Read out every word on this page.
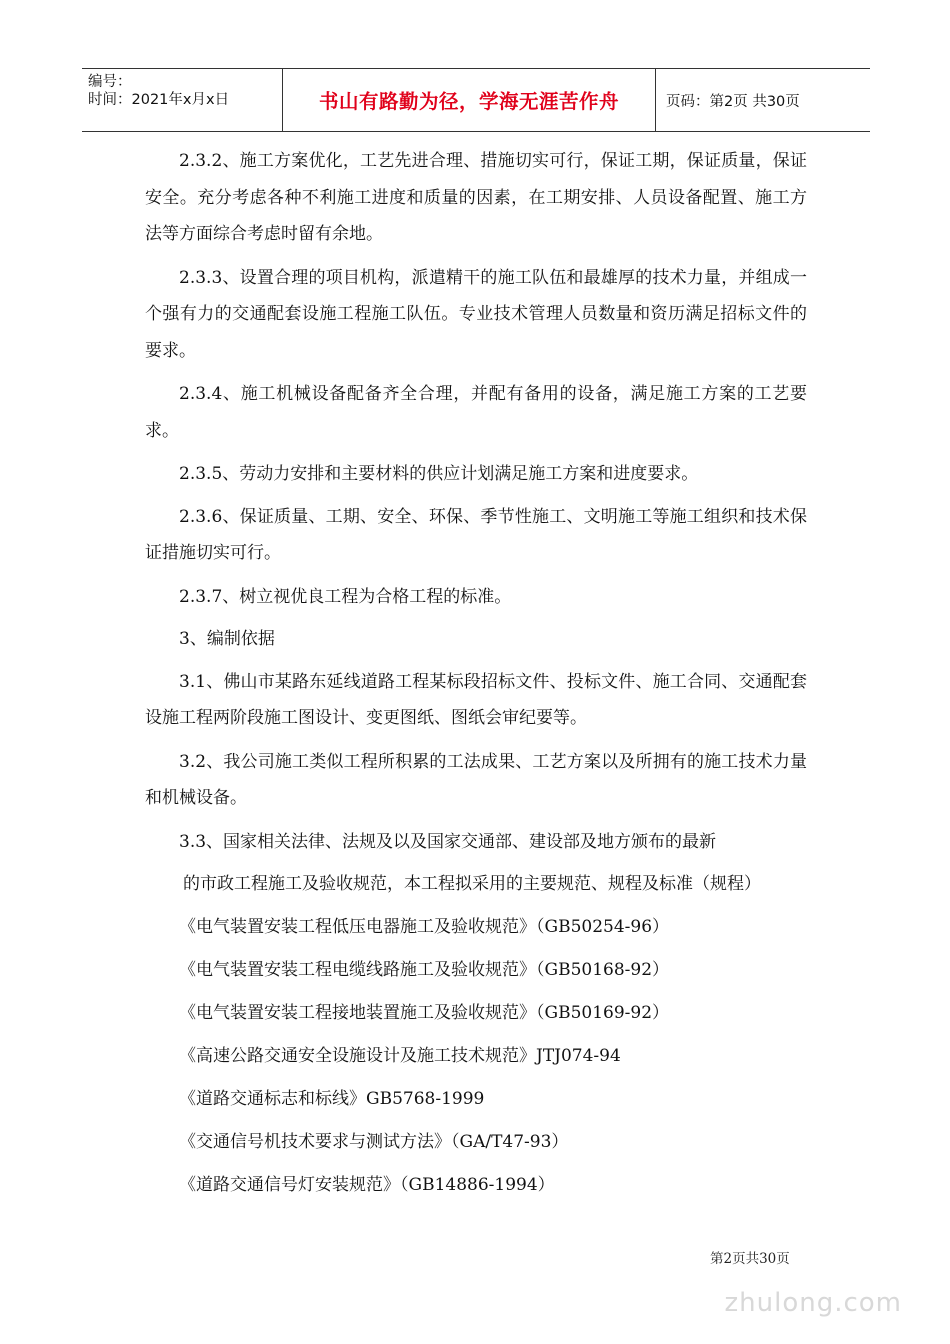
编号：
时间：2021年x月x日	书山有路勤为径，学海无涯苦作舟	页码：第2页 共30页

2.3.2、施工方案优化，工艺先进合理、措施切实可行，保证工期，保证质量，保证安全。充分考虑各种不利施工进度和质量的因素，在工期安排、人员设备配置、施工方法等方面综合考虑时留有余地。

2.3.3、设置合理的项目机构，派遣精干的施工队伍和最雄厚的技术力量，并组成一个强有力的交通配套设施工程施工队伍。专业技术管理人员数量和资历满足招标文件的要求。

2.3.4、施工机械设备配备齐全合理，并配有备用的设备，满足施工方案的工艺要求。

2.3.5、劳动力安排和主要材料的供应计划满足施工方案和进度要求。

2.3.6、保证质量、工期、安全、环保、季节性施工、文明施工等施工组织和技术保证措施切实可行。

2.3.7、树立视优良工程为合格工程的标准。

3、编制依据

3.1、佛山市某路东延线道路工程某标段招标文件、投标文件、施工合同、交通配套设施工程两阶段施工图设计、变更图纸、图纸会审纪要等。

3.2、我公司施工类似工程所积累的工法成果、工艺方案以及所拥有的施工技术力量和机械设备。

3.3、国家相关法律、法规及以及国家交通部、建设部及地方颁布的最新

的市政工程施工及验收规范，本工程拟采用的主要规范、规程及标准（规程）

《电气装置安装工程低压电器施工及验收规范》（GB50254-96）

《电气装置安装工程电缆线路施工及验收规范》（GB50168-92）

《电气装置安装工程接地装置施工及验收规范》（GB50169-92）

《高速公路交通安全设施设计及施工技术规范》JTJ074-94

《道路交通标志和标线》GB5768-1999

《交通信号机技术要求与测试方法》（GA/T47-93）

《道路交通信号灯安装规范》（GB14886-1994）

第2页共30页
zhulong.com
